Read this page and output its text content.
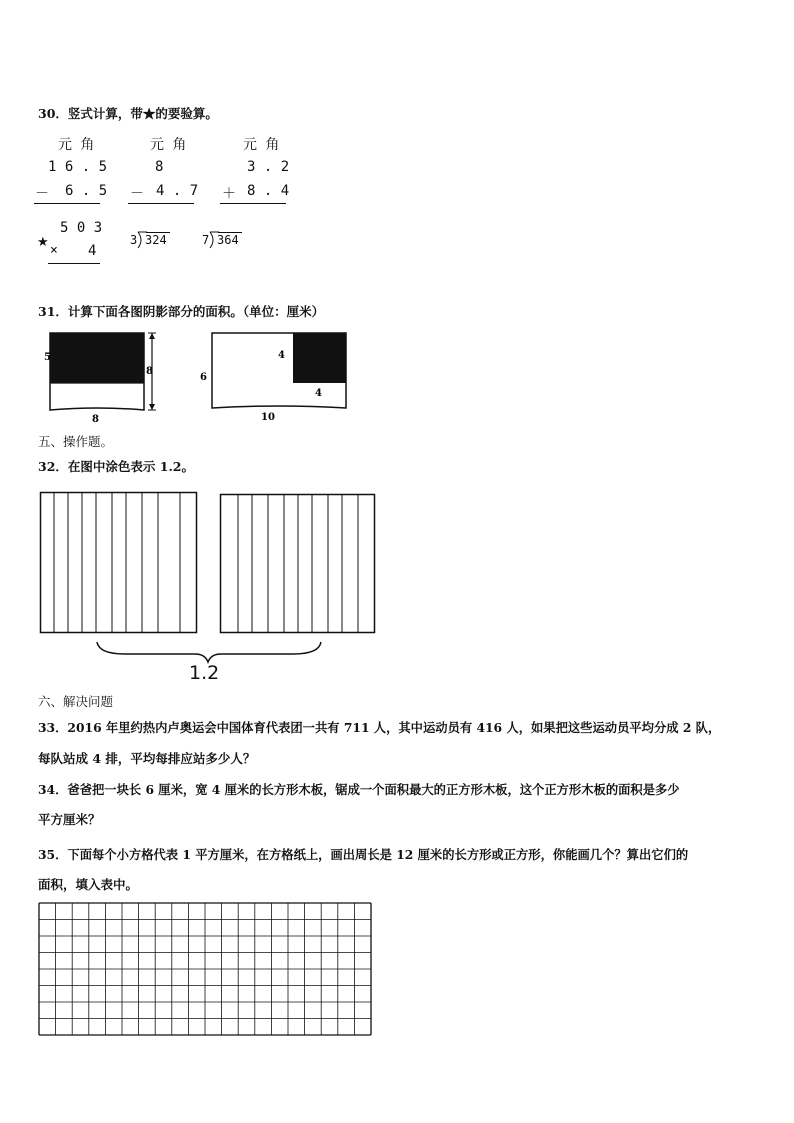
30．竖式计算，带★的要验算。
元 角
1 6 . 5
－ 6 . 5
元 角
8
－ 4 . 7
元 角
3 . 2
＋ 8 . 4
★
5 0 3
× 4
3 324	7 364
31．计算下面各图阴影部分的面积。（单位：厘米）
5
8
8
6
4
4
10
五、操作题。
32．在图中涂色表示 1.2。
1.2
六、解决问题
33．2016 年里约热内卢奥运会中国体育代表团一共有 711 人，其中运动员有 416 人，如果把这些运动员平均分成 2 队，
每队站成 4 排，平均每排应站多少人？
34．爸爸把一块长 6 厘米，宽 4 厘米的长方形木板，锯成一个面积最大的正方形木板，这个正方形木板的面积是多少
平方厘米？
35．下面每个小方格代表 1 平方厘米，在方格纸上，画出周长是 12 厘米的长方形或正方形，你能画几个？算出它们的
面积，填入表中。
